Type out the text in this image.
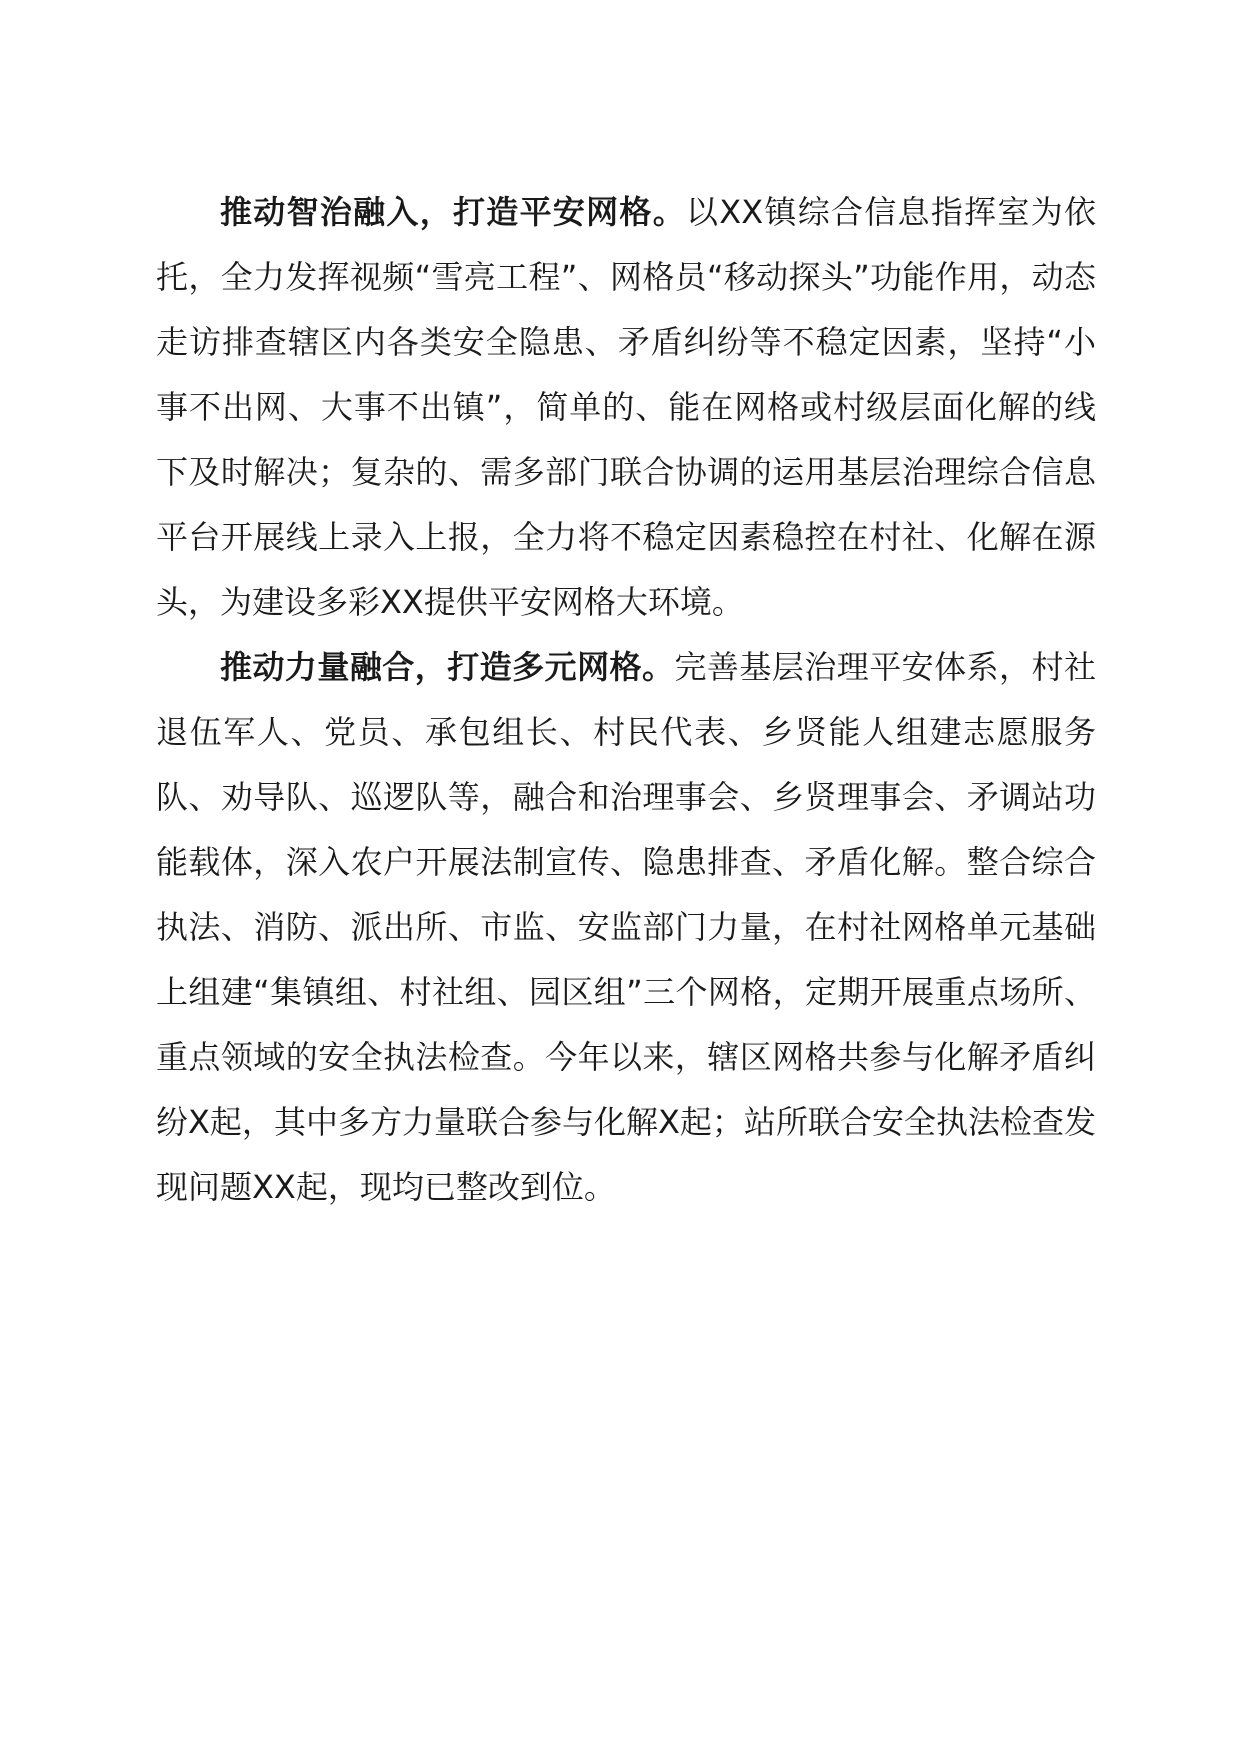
推动智治融入，打造平安网格。以XX镇综合信息指挥室为依托，全力发挥视频“雪亮工程”、网格员“移动探头”功能作用，动态走访排查辖区内各类安全隐患、矛盾纠纷等不稳定因素，坚持“小事不出网、大事不出镇”，简单的、能在网格或村级层面化解的线下及时解决；复杂的、需多部门联合协调的运用基层治理综合信息平台开展线上录入上报，全力将不稳定因素稳控在村社、化解在源头，为建设多彩XX提供平安网格大环境。

推动力量融合，打造多元网格。完善基层治理平安体系，村社退伍军人、党员、承包组长、村民代表、乡贤能人组建志愿服务队、劝导队、巡逻队等，融合和治理事会、乡贤理事会、矛调站功能载体，深入农户开展法制宣传、隐患排查、矛盾化解。整合综合执法、消防、派出所、市监、安监部门力量，在村社网格单元基础上组建“集镇组、村社组、园区组”三个网格，定期开展重点场所、重点领域的安全执法检查。今年以来，辖区网格共参与化解矛盾纠纷X起，其中多方力量联合参与化解X起；站所联合安全执法检查发现问题XX起，现均已整改到位。
